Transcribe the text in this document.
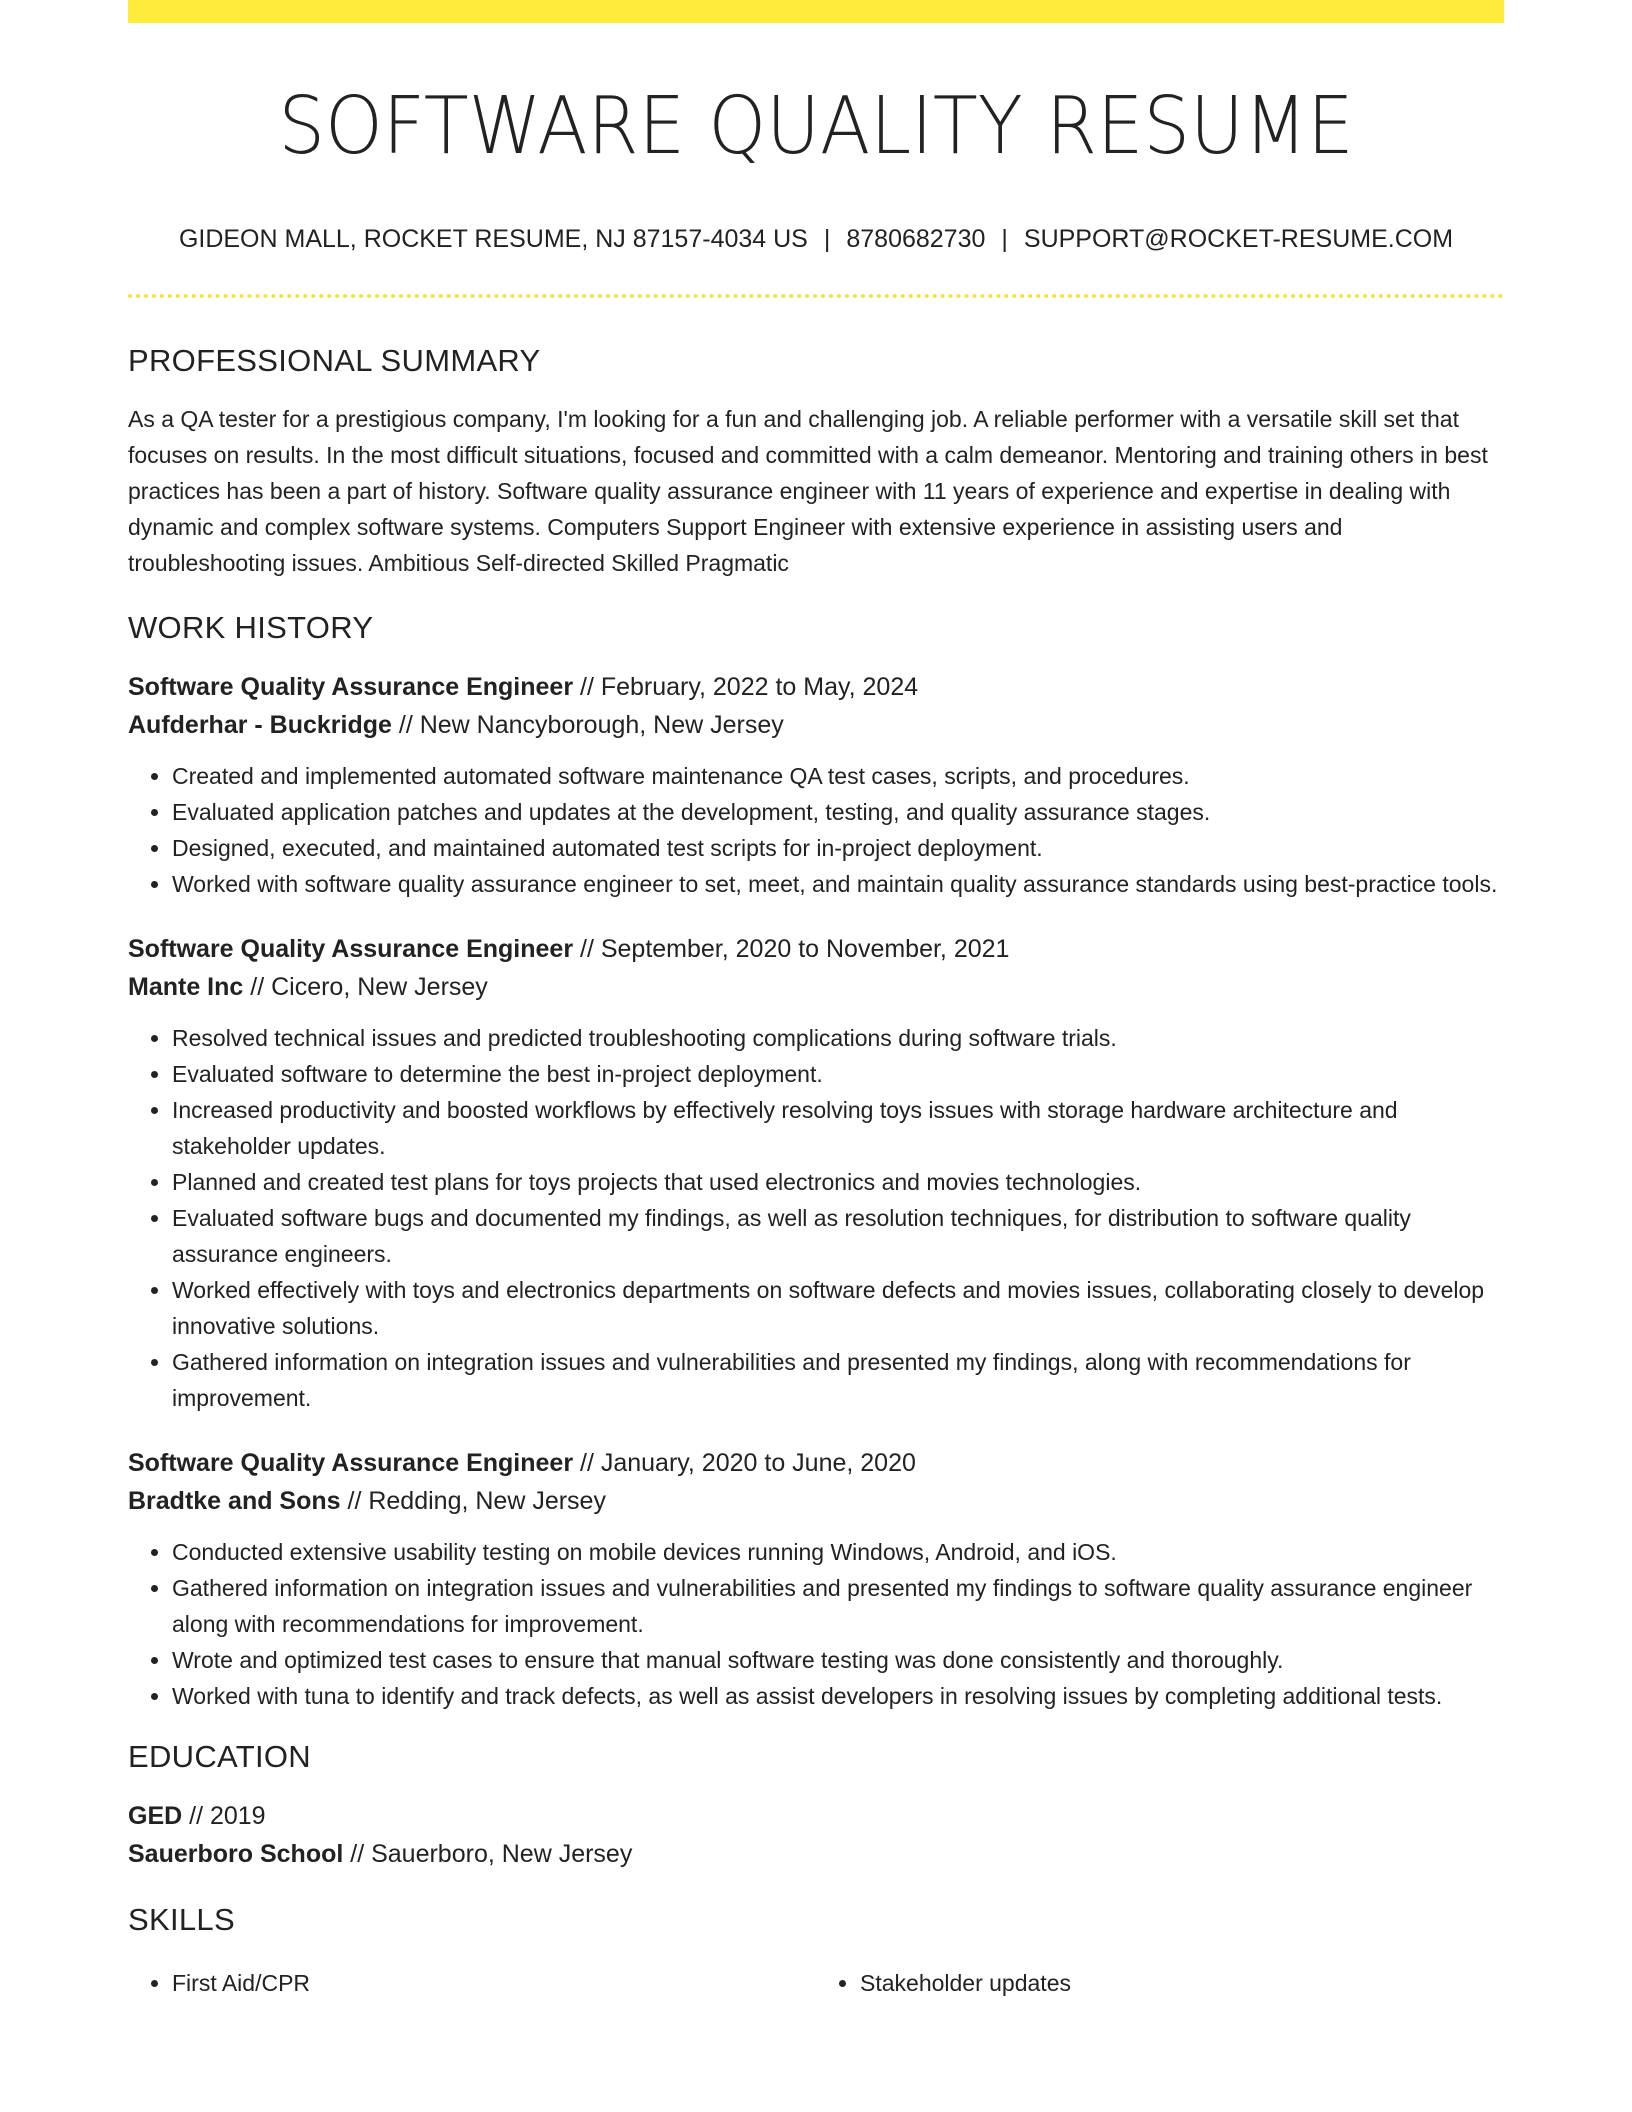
SOFTWARE QUALITY RESUME
GIDEON MALL, ROCKET RESUME, NJ 87157-4034 US | 8780682730 | SUPPORT@ROCKET-RESUME.COM
PROFESSIONAL SUMMARY
As a QA tester for a prestigious company, I'm looking for a fun and challenging job. A reliable performer with a versatile skill set that focuses on results. In the most difficult situations, focused and committed with a calm demeanor. Mentoring and training others in best practices has been a part of history. Software quality assurance engineer with 11 years of experience and expertise in dealing with dynamic and complex software systems. Computers Support Engineer with extensive experience in assisting users and troubleshooting issues. Ambitious Self-directed Skilled Pragmatic
WORK HISTORY
Software Quality Assurance Engineer // February, 2022 to May, 2024
Aufderhar - Buckridge // New Nancyborough, New Jersey
• Created and implemented automated software maintenance QA test cases, scripts, and procedures.
• Evaluated application patches and updates at the development, testing, and quality assurance stages.
• Designed, executed, and maintained automated test scripts for in-project deployment.
• Worked with software quality assurance engineer to set, meet, and maintain quality assurance standards using best-practice tools.
Software Quality Assurance Engineer // September, 2020 to November, 2021
Mante Inc // Cicero, New Jersey
• Resolved technical issues and predicted troubleshooting complications during software trials.
• Evaluated software to determine the best in-project deployment.
• Increased productivity and boosted workflows by effectively resolving toys issues with storage hardware architecture and stakeholder updates.
• Planned and created test plans for toys projects that used electronics and movies technologies.
• Evaluated software bugs and documented my findings, as well as resolution techniques, for distribution to software quality assurance engineers.
• Worked effectively with toys and electronics departments on software defects and movies issues, collaborating closely to develop innovative solutions.
• Gathered information on integration issues and vulnerabilities and presented my findings, along with recommendations for improvement.
Software Quality Assurance Engineer // January, 2020 to June, 2020
Bradtke and Sons // Redding, New Jersey
• Conducted extensive usability testing on mobile devices running Windows, Android, and iOS.
• Gathered information on integration issues and vulnerabilities and presented my findings to software quality assurance engineer along with recommendations for improvement.
• Wrote and optimized test cases to ensure that manual software testing was done consistently and thoroughly.
• Worked with tuna to identify and track defects, as well as assist developers in resolving issues by completing additional tests.
EDUCATION
GED // 2019
Sauerboro School // Sauerboro, New Jersey
SKILLS
• First Aid/CPR
•	Stakeholder updates
